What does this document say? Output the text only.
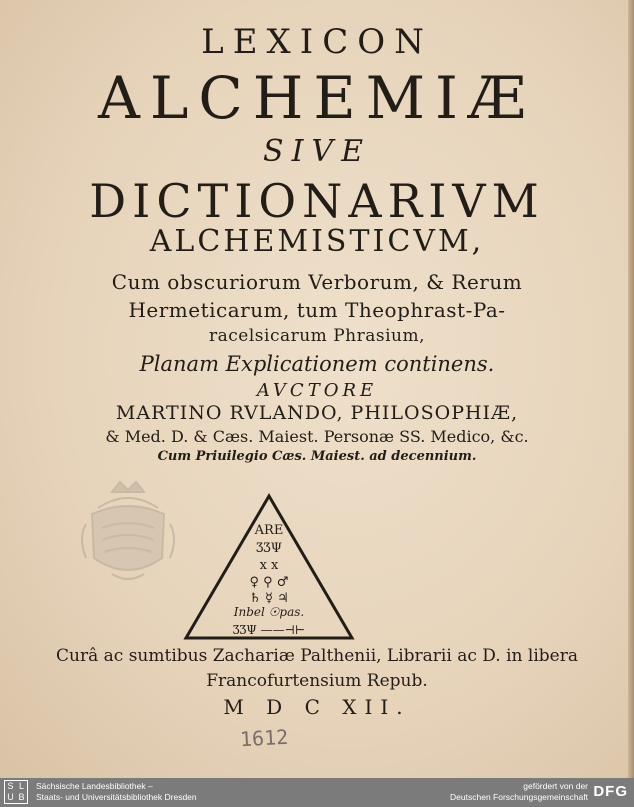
LEXICON
ALCHEMIÆ
SIVE
DICTIONARIVM
ALCHEMISTICVM,
Cum obscuriorum Verborum, & Rerum
Hermeticarum, tum Theophrast-Pa-
racelsicarum Phrasium,
Planam Explicationem continens.
AVCTORE
MARTINO RVLANDO, PHILOSOPHIÆ,
& Med. D. & Cæs. Maiest. Personæ SS. Medico, &c.
Cum Priuilegio Cæs. Maiest. ad decennium.
ARE
ƷƷΨ
x x
♀ ⚲ ♂
♄ ☿ ♃
Inbel ☉pas.
ƷƷΨ ——⊣⊢
Curâ ac sumtibus Zachariæ Palthenii, Librarii ac D. in libera
Francofurtensium Repub.
M D C XII.
1612
S L
U B
Sächsische Landesbibliothek –
Staats- und Universitätsbibliothek Dresden
gefördert von der
Deutschen Forschungsgemeinschaft DFG
